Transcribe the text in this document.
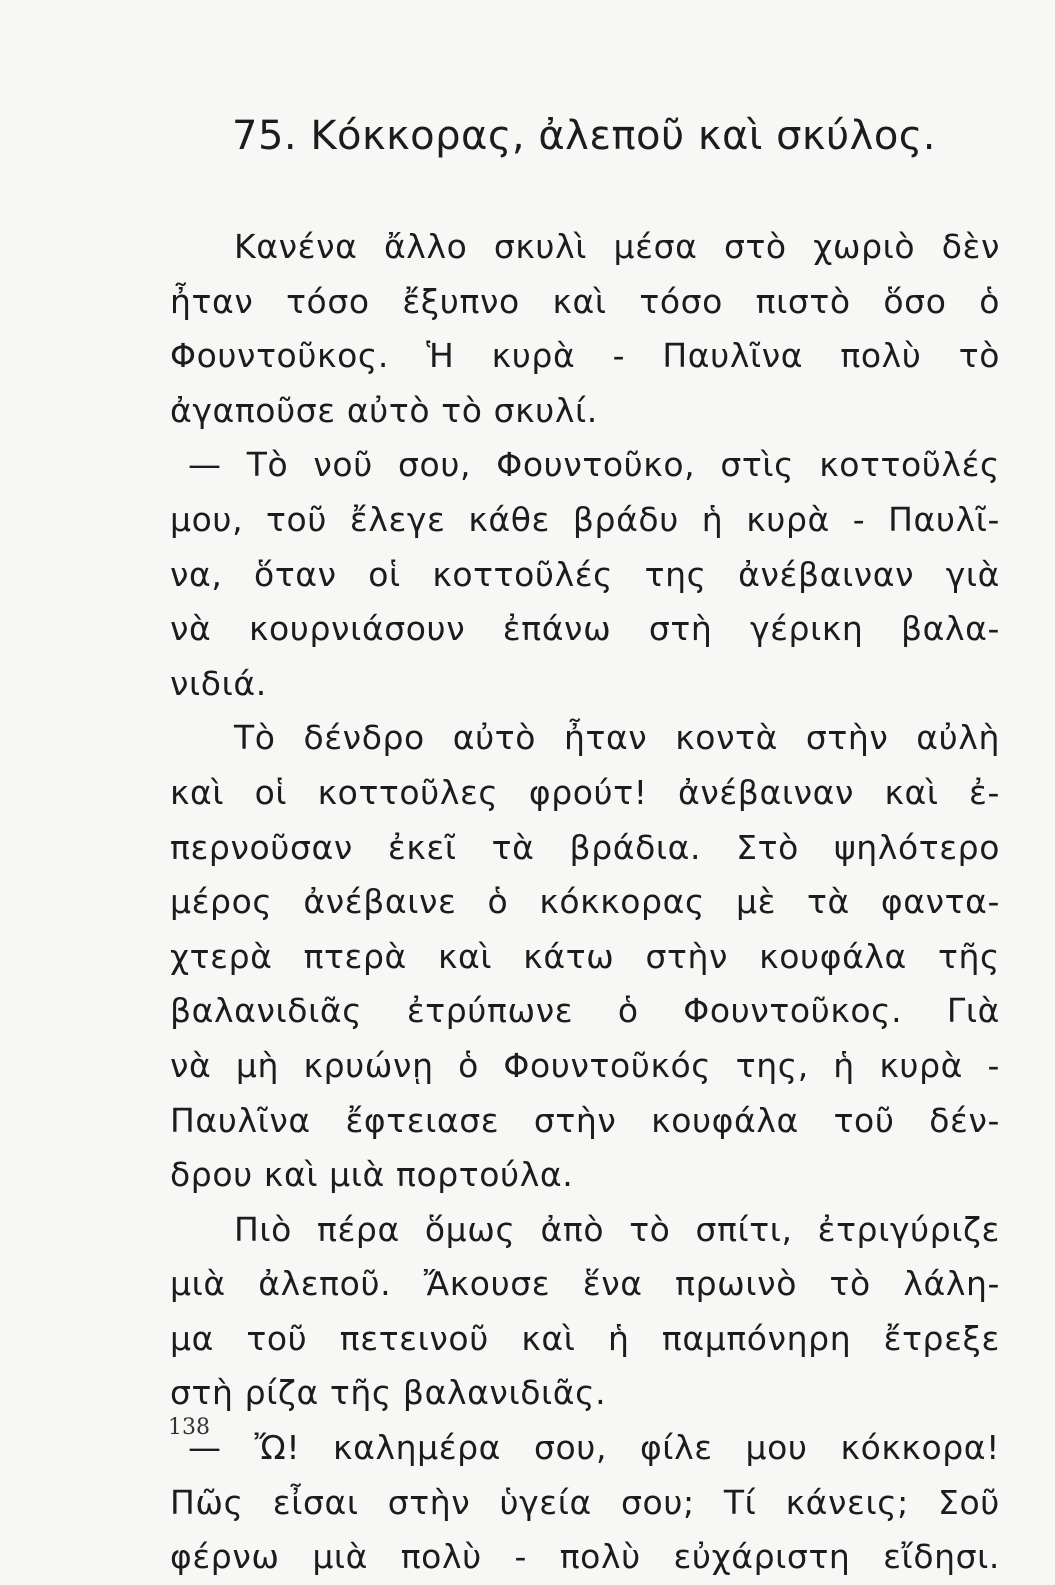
75. Κόκκορας, ἀλεποῦ καὶ σκύλος.
Κανένα ἄλλο σκυλὶ μέσα στὸ χωριὸ δὲν
ἦταν τόσο ἔξυπνο καὶ τόσο πιστὸ ὅσο ὁ
Φουντοῦκος. Ἡ κυρὰ - Παυλῖνα πολὺ τὸ
ἀγαποῦσε αὐτὸ τὸ σκυλί.
— Τὸ νοῦ σου, Φουντοῦκο, στὶς κοττοῦλές
μου, τοῦ ἔλεγε κάθε βράδυ ἡ κυρὰ - Παυλῖ-
να, ὅταν οἱ κοττοῦλές της ἀνέβαιναν γιὰ
νὰ κουρνιάσουν ἐπάνω στὴ γέρικη βαλα-
νιδιά.
Τὸ δένδρο αὐτὸ ἦταν κοντὰ στὴν αὐλὴ
καὶ οἱ κοττοῦλες φρούτ! ἀνέβαιναν καὶ ἐ-
περνοῦσαν ἐκεῖ τὰ βράδια. Στὸ ψηλότερο
μέρος ἀνέβαινε ὁ κόκκορας μὲ τὰ φαντα-
χτερὰ πτερὰ καὶ κάτω στὴν κουφάλα τῆς
βαλανιδιᾶς ἐτρύπωνε ὁ Φουντοῦκος. Γιὰ
νὰ μὴ κρυώνῃ ὁ Φουντοῦκός της, ἡ κυρὰ -
Παυλῖνα ἔφτειασε στὴν κουφάλα τοῦ δέν-
δρου καὶ μιὰ πορτούλα.
Πιὸ πέρα ὅμως ἀπὸ τὸ σπίτι, ἐτριγύριζε
μιὰ ἀλεποῦ. Ἄκουσε ἕνα πρωινὸ τὸ λάλη-
μα τοῦ πετεινοῦ καὶ ἡ παμπόνηρη ἔτρεξε
στὴ ρίζα τῆς βαλανιδιᾶς.
— Ὤ! καλημέρα σου, φίλε μου κόκκορα!
Πῶς εἶσαι στὴν ὑγεία σου; Τί κάνεις; Σοῦ
φέρνω μιὰ πολὺ - πολὺ εὐχάριστη εἴδησι.
138
